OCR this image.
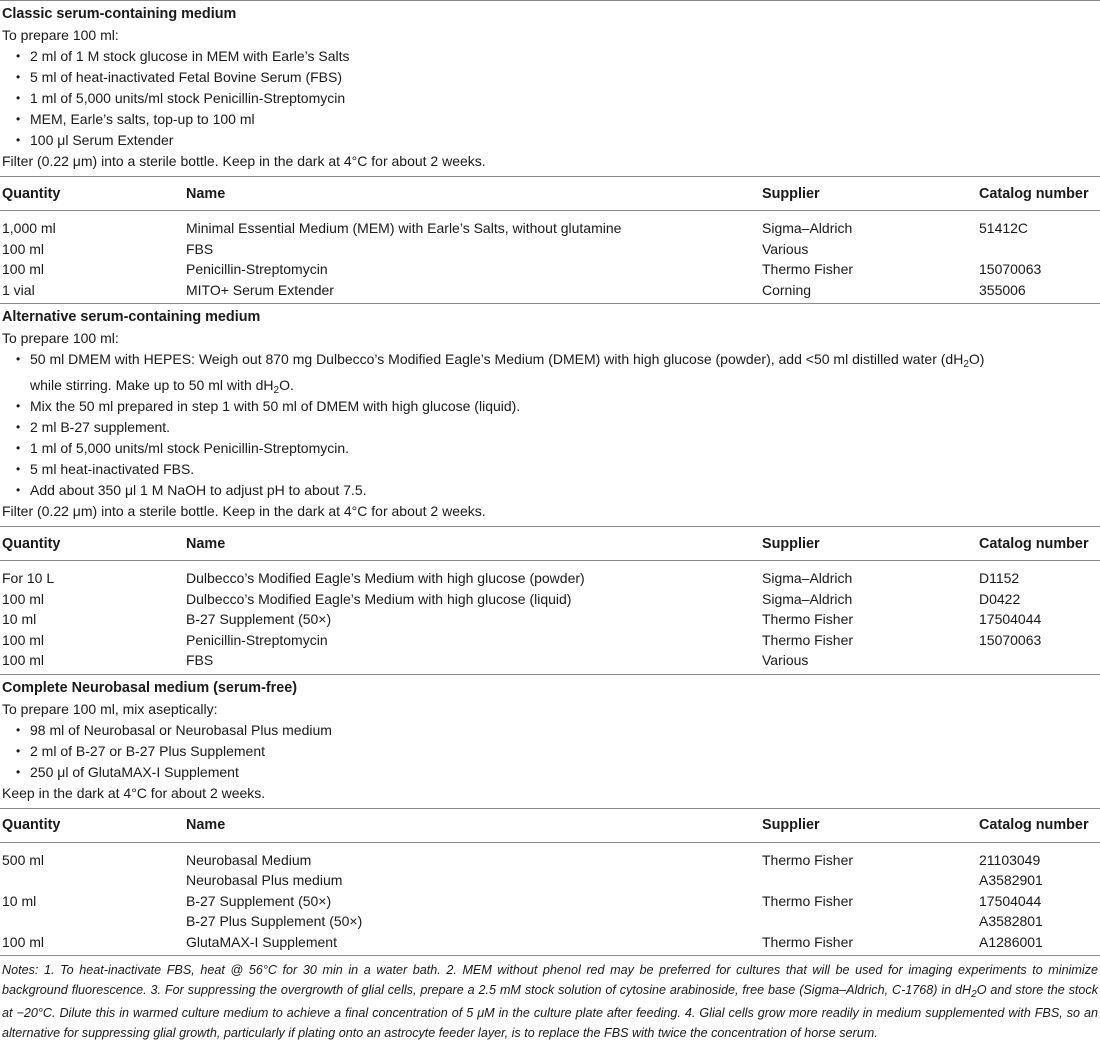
Classic serum-containing medium
To prepare 100 ml:
• 2 ml of 1 M stock glucose in MEM with Earle’s Salts
• 5 ml of heat-inactivated Fetal Bovine Serum (FBS)
• 1 ml of 5,000 units/ml stock Penicillin-Streptomycin
• MEM, Earle’s salts, top-up to 100 ml
• 100 μl Serum Extender
Filter (0.22 μm) into a sterile bottle. Keep in the dark at 4°C for about 2 weeks.
Quantity	Name	Supplier	Catalog number
1,000 ml	Minimal Essential Medium (MEM) with Earle’s Salts, without glutamine	Sigma–Aldrich	51412C
100 ml	FBS	Various	
100 ml	Penicillin-Streptomycin	Thermo Fisher	15070063
1 vial	MITO+ Serum Extender	Corning	355006
Alternative serum-containing medium
To prepare 100 ml:
• 50 ml DMEM with HEPES: Weigh out 870 mg Dulbecco’s Modified Eagle’s Medium (DMEM) with high glucose (powder), add <50 ml distilled water $(dH_2O)$
while stirring. Make up to 50 ml with $dH_2O$.
• Mix the 50 ml prepared in step 1 with 50 ml of DMEM with high glucose (liquid).
• 2 ml B-27 supplement.
• 1 ml of 5,000 units/ml stock Penicillin-Streptomycin.
• 5 ml heat-inactivated FBS.
• Add about 350 μl 1 M NaOH to adjust pH to about 7.5.
Filter (0.22 μm) into a sterile bottle. Keep in the dark at 4°C for about 2 weeks.
Quantity	Name	Supplier	Catalog number
For 10 L	Dulbecco’s Modified Eagle’s Medium with high glucose (powder)	Sigma–Aldrich	D1152
100 ml	Dulbecco’s Modified Eagle’s Medium with high glucose (liquid)	Sigma–Aldrich	D0422
10 ml	B-27 Supplement (50×)	Thermo Fisher	17504044
100 ml	Penicillin-Streptomycin	Thermo Fisher	15070063
100 ml	FBS	Various	
Complete Neurobasal medium (serum-free)
To prepare 100 ml, mix aseptically:
• 98 ml of Neurobasal or Neurobasal Plus medium
• 2 ml of B-27 or B-27 Plus Supplement
• 250 μl of GlutaMAX-I Supplement
Keep in the dark at 4°C for about 2 weeks.
Quantity	Name	Supplier	Catalog number
500 ml	Neurobasal Medium	Thermo Fisher	21103049
	Neurobasal Plus medium		A3582901
10 ml	B-27 Supplement (50×)	Thermo Fisher	17504044
	B-27 Plus Supplement (50×)		A3582801
100 ml	GlutaMAX-I Supplement	Thermo Fisher	A1286001
Notes: 1. To heat-inactivate FBS, heat @ 56°C for 30 min in a water bath. 2. MEM without phenol red may be preferred for cultures that will be used for imaging experiments to minimize background fluorescence. 3. For suppressing the overgrowth of glial cells, prepare a 2.5 mM stock solution of cytosine arabinoside, free base (Sigma–Aldrich, C-1768) in $dH_2O$ and store the stock at −20°C. Dilute this in warmed culture medium to achieve a final concentration of 5 μM in the culture plate after feeding. 4. Glial cells grow more readily in medium supplemented with FBS, so an alternative for suppressing glial growth, particularly if plating onto an astrocyte feeder layer, is to replace the FBS with twice the concentration of horse serum.
